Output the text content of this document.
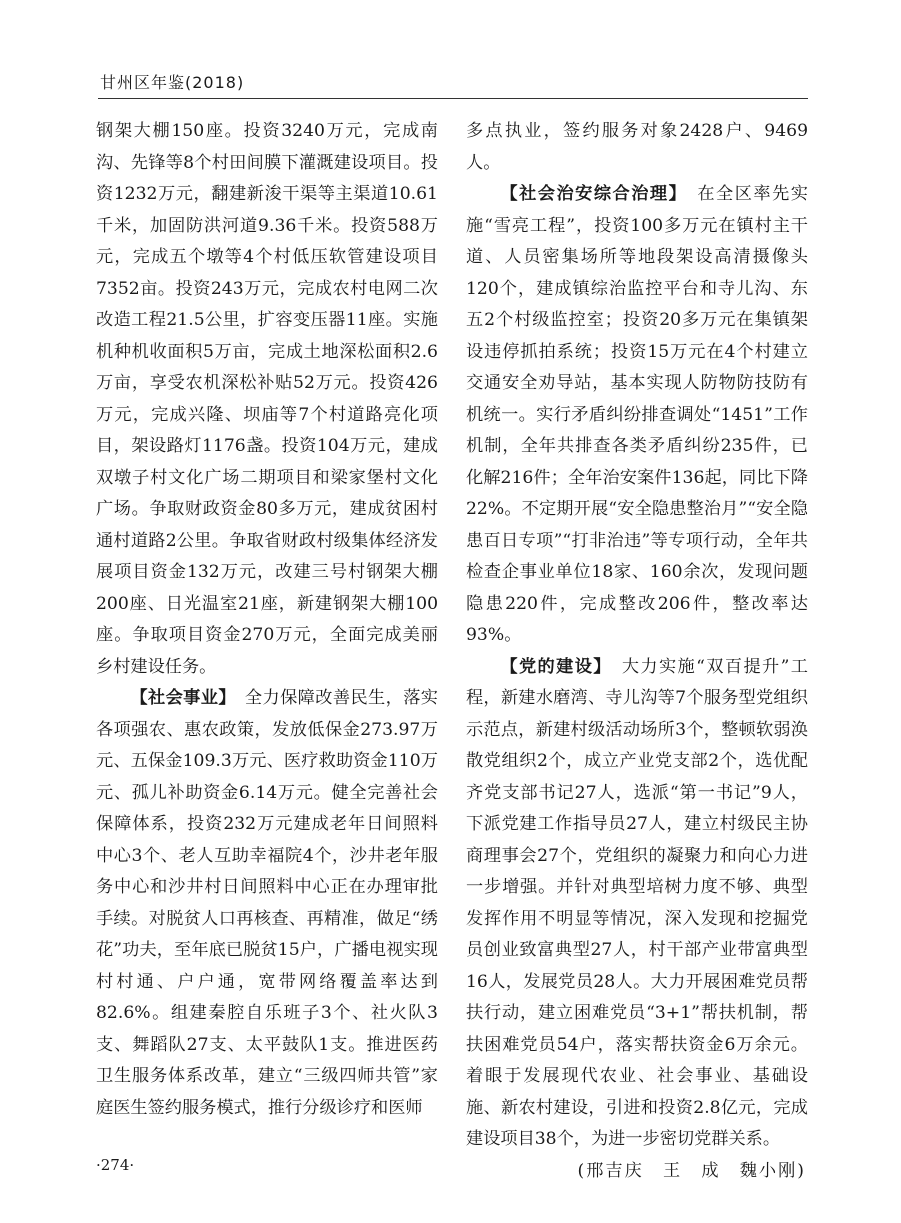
甘州区年鉴(2018)

钢架大棚150座。投资3240万元，完成南沟、先锋等8个村田间膜下灌溉建设项目。投资1232万元，翻建新浚干渠等主渠道10.61千米，加固防洪河道9.36千米。投资588万元，完成五个墩等4个村低压软管建设项目7352亩。投资243万元，完成农村电网二次改造工程21.5公里，扩容变压器11座。实施机种机收面积5万亩，完成土地深松面积2.6万亩，享受农机深松补贴52万元。投资426万元，完成兴隆、坝庙等7个村道路亮化项目，架设路灯1176盏。投资104万元，建成双墩子村文化广场二期项目和梁家堡村文化广场。争取财政资金80多万元，建成贫困村通村道路2公里。争取省财政村级集体经济发展项目资金132万元，改建三号村钢架大棚200座、日光温室21座，新建钢架大棚100座。争取项目资金270万元，全面完成美丽乡村建设任务。

【社会事业】　 全力保障改善民生，落实各项强农、惠农政策，发放低保金273.97万元、五保金109.3万元、医疗救助资金110万元、孤儿补助资金6.14万元。健全完善社会保障体系，投资232万元建成老年日间照料中心3个、老人互助幸福院4个，沙井老年服务中心和沙井村日间照料中心正在办理审批手续。对脱贫人口再核查、再精准，做足“绣花”功夫，至年底已脱贫15户，广播电视实现村村通、户户通，宽带网络覆盖率达到82.6%。组建秦腔自乐班子3个、社火队3支、舞蹈队27支、太平鼓队1支。推进医药卫生服务体系改革，建立“三级四师共管”家庭医生签约服务模式，推行分级诊疗和医师

多点执业，签约服务对象2428户、9469人。

【社会治安综合治理】　 在全区率先实施“雪亮工程”，投资100多万元在镇村主干道、人员密集场所等地段架设高清摄像头120个，建成镇综治监控平台和寺儿沟、东五2个村级监控室；投资20多万元在集镇架设违停抓拍系统；投资15万元在4个村建立交通安全劝导站，基本实现人防物防技防有机统一。实行矛盾纠纷排查调处“1451”工作机制，全年共排查各类矛盾纠纷235件，已化解216件；全年治安案件136起，同比下降22%。不定期开展“安全隐患整治月”“安全隐患百日专项”“打非治违”等专项行动，全年共检查企事业单位18家、160余次，发现问题隐患220件，完成整改206件，整改率达93%。

【党的建设】　 大力实施“双百提升”工程，新建水磨湾、寺儿沟等7个服务型党组织示范点，新建村级活动场所3个，整顿软弱涣散党组织2个，成立产业党支部2个，选优配齐党支部书记27人，选派“第一书记”9人，下派党建工作指导员27人，建立村级民主协商理事会27个，党组织的凝聚力和向心力进一步增强。并针对典型培树力度不够、典型发挥作用不明显等情况，深入发现和挖掘党员创业致富典型27人，村干部产业带富典型16人，发展党员28人。大力开展困难党员帮扶行动，建立困难党员“3+1”帮扶机制，帮扶困难党员54户，落实帮扶资金6万余元。着眼于发展现代农业、社会事业、基础设施、新农村建设，引进和投资2.8亿元，完成建设项目38个，为进一步密切党群关系。

(邢吉庆　王　成　魏小刚)

·274·
